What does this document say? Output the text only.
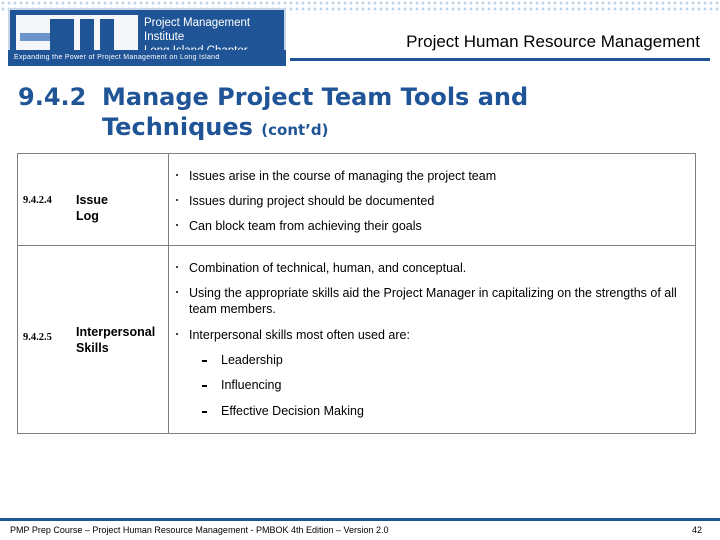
Project Management Institute
Expanding the Power of Project Management on Long Island
Project Human Resource Management
9.4.2 Manage Project Team Tools and
Techniques (cont’d)
9.4.2.4 Issue Log
Issues arise in the course of managing the project team
Issues during project should be documented
Can block team from achieving their goals
9.4.2.5 Interpersonal
Skills
Combination of technical, human, and conceptual.
Using the appropriate skills aid the Project Manager in capitalizing on the strengths of all team members.
Interpersonal skills most often used are:
Leadership
Influencing
Effective Decision Making
PMP Prep Course – Project Human Resource Management - PMBOK 4th Edition – Version 2.0	42
